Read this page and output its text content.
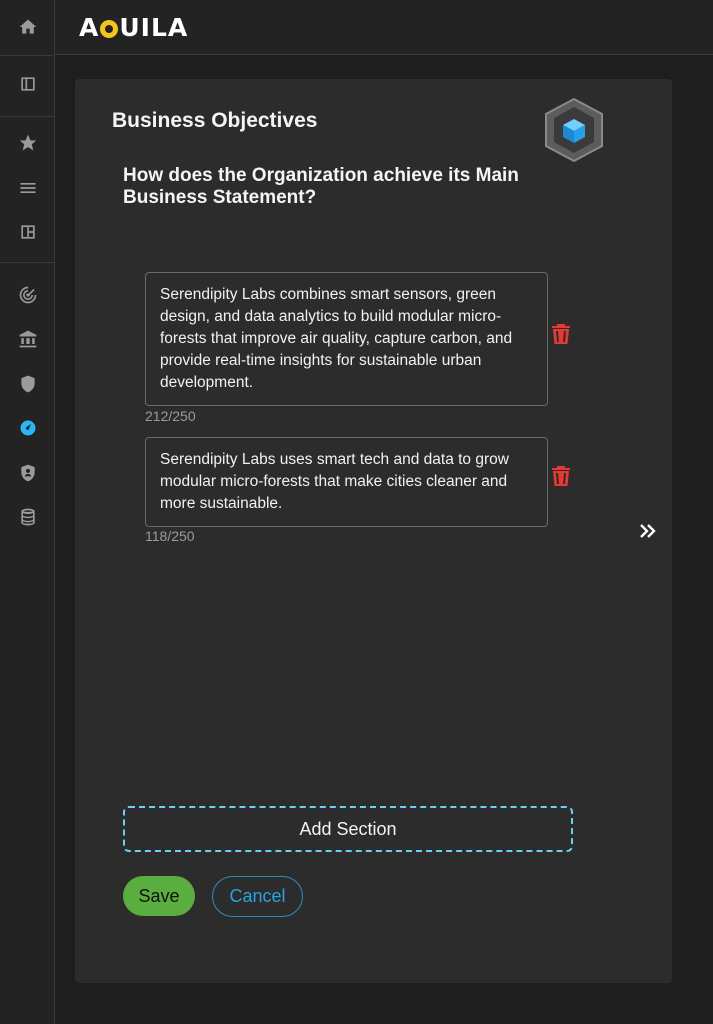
A UILA
Business Objectives
How does the Organization achieve its Main Business Statement?
Serendipity Labs combines smart sensors, green design, and data analytics to build modular micro-forests that improve air quality, capture carbon, and provide real-time insights for sustainable urban development.
212/250
Serendipity Labs uses smart tech and data to grow modular micro-forests that make cities cleaner and more sustainable.
118/250
Add Section
Save	Cancel
